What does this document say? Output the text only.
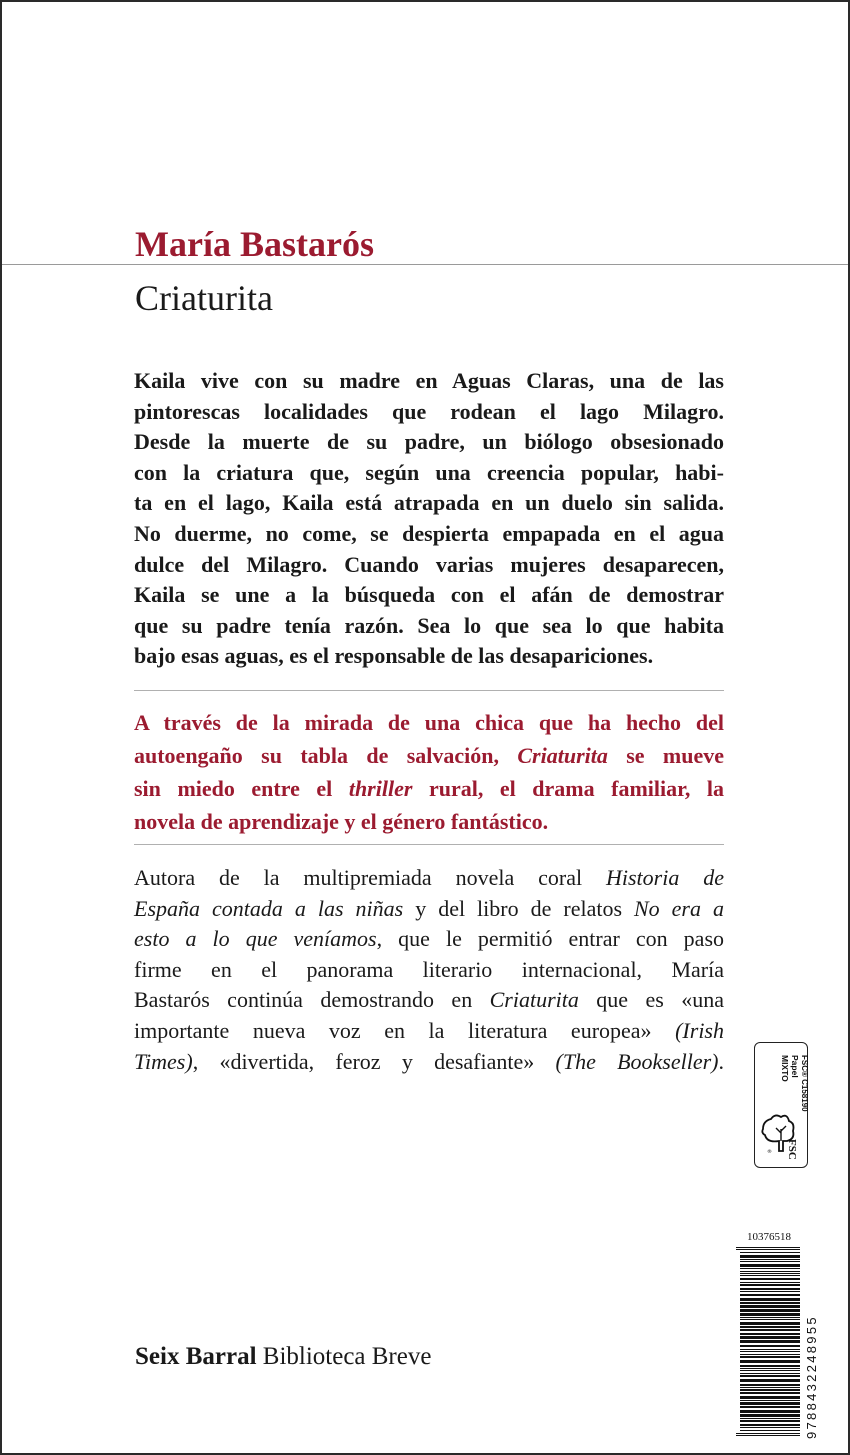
María Bastarós
Criaturita
Kaila vive con su madre en Aguas Claras, una de las
pintorescas localidades que rodean el lago Milagro.
Desde la muerte de su padre, un biólogo obsesionado
con la criatura que, según una creencia popular, habi-
ta en el lago, Kaila está atrapada en un duelo sin salida.
No duerme, no come, se despierta empapada en el agua
dulce del Milagro. Cuando varias mujeres desaparecen,
Kaila se une a la búsqueda con el afán de demostrar
que su padre tenía razón. Sea lo que sea lo que habita
bajo esas aguas, es el responsable de las desapariciones.
A través de la mirada de una chica que ha hecho del
autoengaño su tabla de salvación, Criaturita se mueve
sin miedo entre el thriller rural, el drama familiar, la
novela de aprendizaje y el género fantástico.
Autora de la multipremiada novela coral Historia de
España contada a las niñas y del libro de relatos No era a
esto a lo que veníamos, que le permitió entrar con paso
firme en el panorama literario internacional, María
Bastarós continúa demostrando en Criaturita que es «una
importante nueva voz en la literatura europea» (Irish
Times), «divertida, feroz y desafiante» (The Bookseller).	MIXTO Papel FSC® C158190
® FSC
10376518
9788432248955
Seix Barral Biblioteca Breve
